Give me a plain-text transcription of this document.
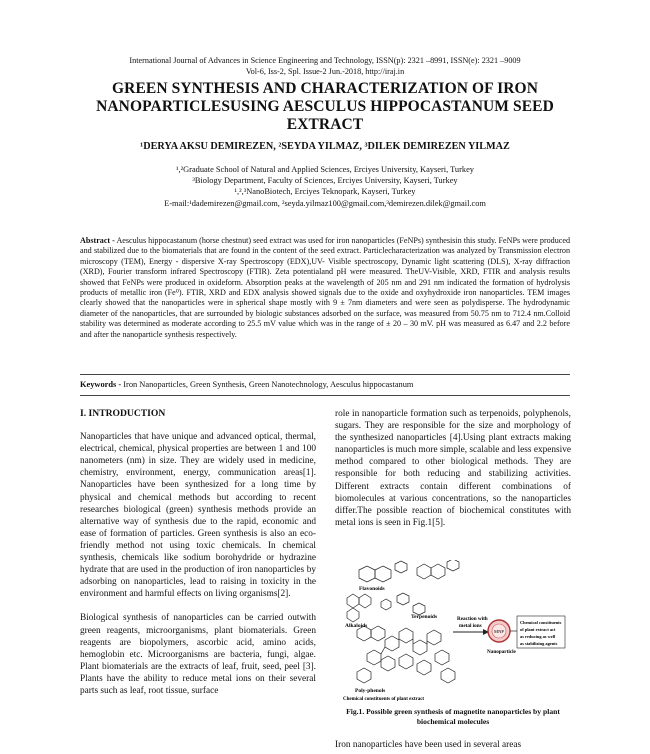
International Journal of Advances in Science Engineering and Technology, ISSN(p): 2321 –8991, ISSN(e): 2321 –9009
Vol-6, Iss-2, Spl. Issue-2 Jun.-2018, http://iraj.in
GREEN SYNTHESIS AND CHARACTERIZATION OF IRON NANOPARTICLESUSING AESCULUS HIPPOCASTANUM SEED EXTRACT
¹DERYA AKSU DEMIREZEN, ²SEYDA YILMAZ, ³DILEK DEMIREZEN YILMAZ
¹,²Graduate School of Natural and Applied Sciences, Erciyes University, Kayseri, Turkey
³Biology Department, Faculty of Sciences, Erciyes University, Kayseri, Turkey
¹,²,³NanoBiotech, Erciyes Teknopark, Kayseri, Turkey
E-mail:¹dademirezen@gmail.com, ²seyda.yilmaz100@gmail.com,³demirezen.dilek@gmail.com
Abstract - Aesculus hippocastanum (horse chestnut) seed extract was used for iron nanoparticles (FeNPs) synthesisin this study. FeNPs were produced and stabilized due to the biomaterials that are found in the content of the seed extract. Particlecharacterization was analyzed by Transmission electron microscopy (TEM), Energy - dispersive X-ray Spectroscopy (EDX),UV- Visible spectroscopy, Dynamic light scattering (DLS), X-ray diffraction (XRD), Fourier transform infrared Spectroscopy (FTIR). Zeta potentialand pH were measured. TheUV-Visible, XRD, FTIR and analysis results showed that FeNPs were produced in oxideform. Absorption peaks at the wavelength of 205 nm and 291 nm indicated the formation of hydrolysis products of metallic iron (Fe⁰). FTIR, XRD and EDX analysis showed signals due to the oxide and oxyhydroxide iron nanoparticles. TEM images clearly showed that the nanoparticles were in spherical shape mostly with 9 ± 7nm diameters and were seen as polydisperse. The hydrodynamic diameter of the nanoparticles, that are surrounded by biologic substances adsorbed on the surface, was measured from 50.75 nm to 712.4 nm.Colloid stability was determined as moderate according to 25.5 mV value which was in the range of ± 20 – 30 mV. pH was measured as 6.47 and 2.2 before and after the nanoparticle synthesis respectively.
Keywords - Iron Nanoparticles, Green Synthesis, Green Nanotechnology, Aesculus hippocastanum
I. INTRODUCTION

Nanoparticles that have unique and advanced optical, thermal, electrical, chemical, physical properties are between 1 and 100 nanometers (nm) in size. They are widely used in medicine, chemistry, environment, energy, communication areas[1]. Nanoparticles have been synthesized for a long time by physical and chemical methods but according to recent researches biological (green) synthesis methods provide an alternative way of synthesis due to the rapid, economic and ease of formation of particles. Green synthesis is also an eco-friendly method not using toxic chemicals. In chemical synthesis, chemicals like sodium borohydride or hydrazine hydrate that are used in the production of iron nanoparticles by adsorbing on nanoparticles, lead to raising in toxicity in the environment and harmful effects on living organisms[2].

Biological synthesis of nanoparticles can be carried outwith green reagents, microorganisms, plant biomaterials. Green reagents are biopolymers, ascorbic acid, amino acids, hemoglobin etc. Microorganisms are bacteria, fungi, algae. Plant biomaterials are the extracts of leaf, fruit, seed, peel [3]. Plants have the ability to reduce metal ions on their several parts such as leaf, root tissue, surface

role in nanoparticle formation such as terpenoids, polyphenols, sugars. They are responsible for the size and morphology of the synthesized nanoparticles [4].Using plant extracts making nanoparticles is much more simple, scalable and less expensive method compared to other biological methods. They are responsible for both reducing and stabilizing activities. Different extracts contain different combinations of biomolecules at various concentrations, so the nanoparticles differ.The possible reaction of biochemical constitutes with metal ions is seen in Fig.1[5].

Flavonoids
Alkaloids
Terpenoids
Poly-phenols
Chemical constituents of plant extract
Reaction with
metal ions
MNP
Nanoparticle
Chemical constituents
of plant extract act
as reducing as well
as stabilizing agents
Fig.1. Possible green synthesis of magnetite nanoparticles by plant biochemical molecules
Iron nanoparticles have been used in several areas
